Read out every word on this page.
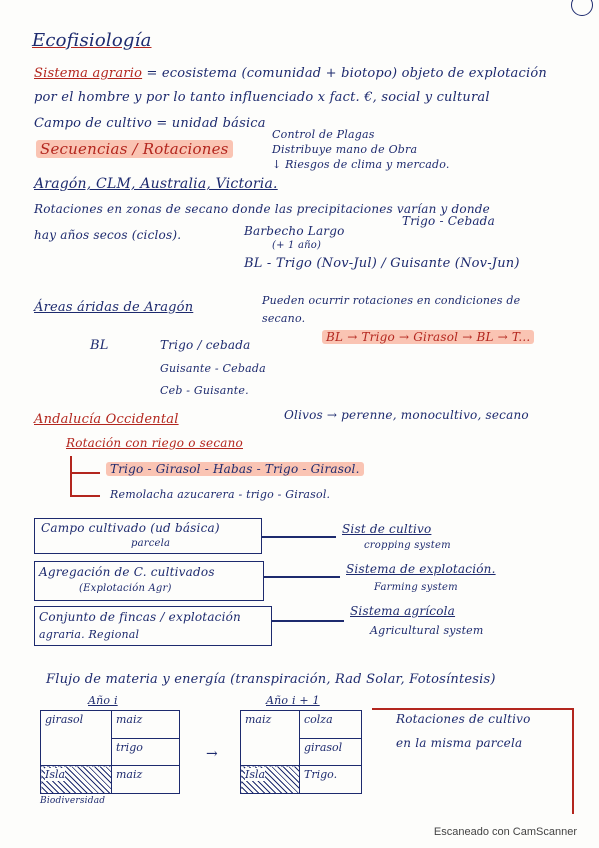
Ecofisiología
Sistema agrario = ecosistema (comunidad + biotopo) objeto de explotación
por el hombre y por lo tanto influenciado x fact. €, social y cultural
Campo de cultivo = unidad básica
Secuencias / Rotaciones
Control de Plagas
Distribuye mano de Obra
↓ Riesgos de clima y mercado.
Aragón, CLM, Australia, Victoria.
Rotaciones en zonas de secano donde las precipitaciones varían y donde
hay años secos (ciclos).	Barbecho Largo
(+ 1 año)
Trigo - Cebada
BL - Trigo (Nov-Jul) / Guisante (Nov-Jun)
Áreas áridas de Aragón	Pueden ocurrir rotaciones en condiciones de
secano.
BL → Trigo → Girasol → BL → T...
BL	Trigo / cebada
Guisante - Cebada
Ceb - Guisante.
Andalucía Occidental	Olivos → perenne, monocultivo, secano
Rotación con riego o secano
Trigo - Girasol - Habas - Trigo - Girasol.
Remolacha azucarera - trigo - Girasol.
Campo cultivado (ud básica)
parcela
Sist de cultivo
cropping system
Agregación de C. cultivados
(Explotación Agr)
Sistema de explotación.
Farming system
Conjunto de fincas / explotación
agraria. Regional
Sistema agrícola
Agricultural system
Flujo de materia y energía (transpiración, Rad Solar, Fotosíntesis)
Año i
girasol	maiz
	trigo
Isla	maiz
Biodiversidad
→
Año i + 1
maiz	colza
	girasol
Isla	Trigo.
Rotaciones de cultivo
en la misma parcela
Escaneado con CamScanner
